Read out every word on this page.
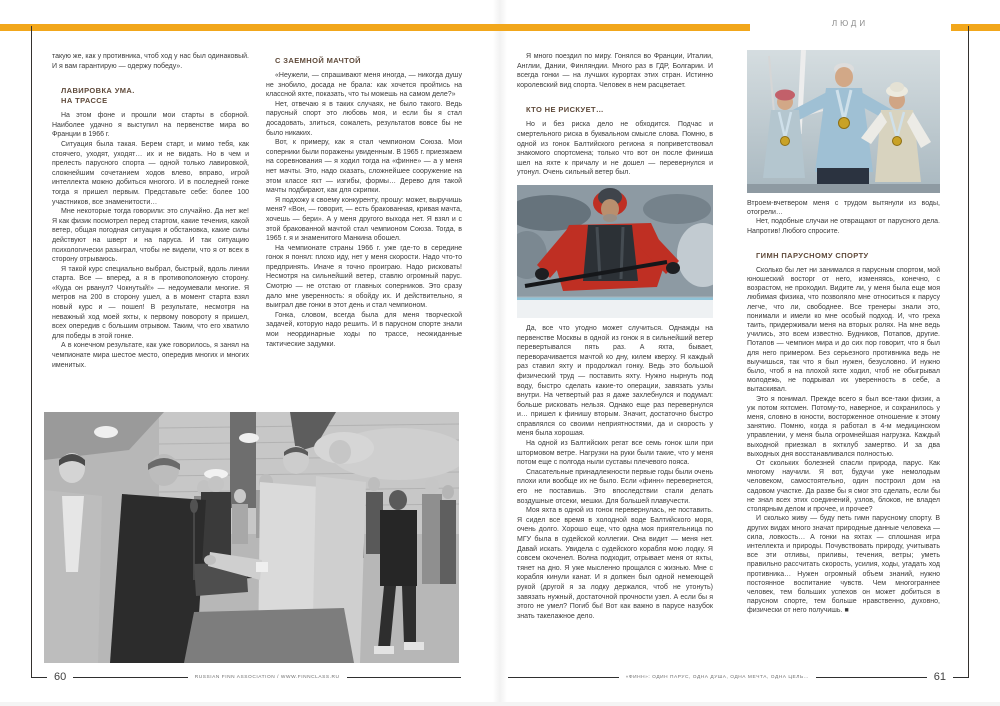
ЛЮДИ

такую же, как у противника, чтоб ход у нас был одинаковый. И я вам гарантирую — одержу победу».

ЛАВИРОВКА УМА.
НА ТРАССЕ

На этом фоне и прошли мои старты в сборной. Наиболее удачно я выступил на первенстве мира во Франции в 1966 г.

Ситуация была такая. Берем старт, и мимо тебя, как стоячего, уходят, уходят… их и не видать. Но в чем и прелесть парусного спорта — одной только лавировкой, сложнейшим сочетанием ходов влево, вправо, игрой интеллекта можно добиться многого. И в последней гонке тогда я пришел первым. Представьте себе: более 100 участников, все знаменитости…

Мне некоторые тогда говорили: это случайно. Да нет же! Я как физик посмотрел перед стартом, какие течения, какой ветер, общая погодная ситуация и обстановка, какие силы действуют на шверт и на паруса. И так ситуацию психологически разыграл, чтобы не видели, что я от всех в сторону отрываюсь.

Я такой курс специально выбрал, быстрый, вдоль линии старта. Все — вперед, а я в противоположную сторону. «Куда он рванул? Чокнутый!» — недоумевали многие. Я метров на 200 в сторону ушел, а в момент старта взял новый курс и — пошел! В результате, несмотря на неважный ход моей яхты, к первому повороту я пришел, всех опередив с большим отрывом. Таким, что его хватило для победы в этой гонке.

А в конечном результате, как уже говорилось, я занял на чемпионате мира шестое место, опередив многих и многих именитых.

С ЗАЕМНОЙ МАЧТОЙ

«Неужели, — спрашивают меня иногда, — никогда душу не знобило, досада не брала: как хочется пройтись на классной яхте, показать, что ты можешь на самом деле?»

Нет, отвечаю я в таких случаях, не было такого. Ведь парусный спорт это любовь моя, и если бы я стал досадовать, злиться, сожалеть, результатов вовсе бы не было никаких.

Вот, к примеру, как я стал чемпионом Союза. Мои соперники были поражены увиденным. В 1965 г. приезжаем на соревнования — я ходил тогда на «финне» — а у меня нет мачты. Это, надо сказать, сложнейшее сооружение на этом классе яхт — изгибы, формы… Дерево для такой мачты подбирают, как для скрипки.

Я подхожу к своему конкуренту, прошу: может, выручишь меня? «Вон, — говорит, — есть бракованная, кривая мачта, хочешь — бери». А у меня другого выхода нет. Я взял и с этой бракованной мачтой стал чемпионом Союза. Тогда, в 1965 г. я и знаменитого Манкина обошел.

На чемпионате страны 1966 г. уже где-то в середине гонок я понял: плохо иду, нет у меня скорости. Надо что-то предпринять. Иначе я точно проиграю. Надо рисковать! Несмотря на сильнейший ветер, ставлю огромный парус. Смотрю — не отстаю от главных соперников. Это сразу дало мне уверенность: я обойду их. И действительно, я выиграл две гонки в этот день и стал чемпионом.

Гонка, словом, всегда была для меня творческой задачей, которую надо решить. И в парусном спорте знали мои неординарные ходы по трассе, неожиданные тактические задумки.

Я много поездил по миру. Гонялся во Франции, Италии, Англии, Дании, Финляндии. Много раз в ГДР, Болгарии. И всегда гонки — на лучших курортах этих стран. Истинно королевский вид спорта. Человек в нем расцветает.

КТО НЕ РИСКУЕТ…

Но и без риска дело не обходится. Подчас и смертельного риска в буквальном смысле слова. Помню, в одной из гонок Балтийского региона я поприветствовал знакомого спортсмена; только что вот он после финиша шел на яхте к причалу и не дошел — перевернулся и утонул. Очень сильный ветер был.

Да, все что угодно может случиться. Однажды на первенстве Москвы в одной из гонок я в сильнейший ветер перевертывался пять раз. А яхта, бывает, переворачивается мачтой ко дну, килем кверху. Я каждый раз ставил яхту и продолжал гонку. Ведь это большой физический труд — поставить яхту. Нужно нырнуть под воду, быстро сделать какие-то операции, завязать узлы внутри. На четвертый раз я даже захлебнулся и подумал: больше рисковать нельзя. Однако еще раз перевернулся и… пришел к финишу вторым. Значит, достаточно быстро справлялся со своими неприятностями, да и скорость у меня была хорошая.

На одной из Балтийских регат все семь гонок шли при штормовом ветре. Нагрузки на руки были такие, что у меня потом еще с полгода ныли суставы плечевого пояса.

Спасательные принадлежности первые годы были очень плохи или вообще их не было. Если «финн» перевернется, его не поставишь. Это впоследствии стали делать воздушные отсеки, мешки. Для большей плавучести.

Моя яхта в одной из гонок перевернулась, не поставить. Я сидел все время в холодной воде Балтийского моря, очень долго. Хорошо еще, что одна моя приятельница по МГУ была в судейской коллегии. Она видит — меня нет. Давай искать. Увидела с судейского корабля мою лодку. Я совсем окоченел. Волна подходит, отрывает меня от яхты, тянет на дно. Я уже мысленно прощался с жизнью. Мне с корабля кинули канат. И я должен был одной немеющей рукой (другой я за лодку держался, чтоб не утонуть) завязать нужный, достаточной прочности узел. А если бы я этого не умел? Погиб бы! Вот как важно в парусе назубок знать такелажное дело.

Втроем-вчетвером меня с трудом вытянули из воды, отогрели…

Нет, подобные случаи не отвращают от парусного дела. Напротив! Любого спросите.

ГИМН ПАРУСНОМУ СПОРТУ

Сколько бы лет ни занимался я парусным спортом, мой юношеский восторг от него, изменяясь, конечно, с возрастом, не проходил. Видите ли, у меня была еще моя любимая физика, что позволяло мне относиться к парусу легче, что ли, свободнее. Все тренеры знали это, понимали и имели ко мне особый подход. И, что греха таить, придерживали меня на вторых ролях. На мне ведь учились, это всем известно. Будников, Потапов, другие. Потапов — чемпион мира и до сих пор говорит, что я был для него примером. Без серьезного противника ведь не выучишься, так что я был нужен, безусловно. И нужно было, чтоб я на плохой яхте ходил, чтоб не обыгрывал молодежь, не подрывал их уверенность в себе, а вытаскивал.

Это я понимал. Прежде всего я был все-таки физик, а уж потом яхтсмен. Потому-то, наверное, и сохранилось у меня, словно в юности, восторженное отношение к этому занятию. Помню, когда я работал в 4-м медицинском управлении, у меня была огромнейшая нагрузка. Каждый выходной приезжал в яхтклуб замертво. И за два выходных дня восстанавливался полностью.

От скольких болезней спасли природа, парус. Как многому научили. Я вот, будучи уже немолодым человеком, самостоятельно, один построил дом на садовом участке. Да разве бы я смог это сделать, если бы не знал всех этих соединений, узлов, блоков, не владел столярным делом и прочее, и прочее?

И сколько живу — буду петь гимн парусному спорту. В других видах много значат природные данные человека — сила, ловкость… А гонки на яхтах — сплошная игра интеллекта и природы. Почувствовать природу, учитывать все эти отливы, приливы, течения, ветры; уметь правильно рассчитать скорость, усилия, ходы, угадать ход противника… Нужен огромный объем знаний, нужно постоянное воспитание чувств. Чем многограннее человек, тем больших успехов он может добиться в парусном спорте, тем больше нравственно, духовно, физически от него получишь. ■

60	RUSSIAN FINN ASSOCIATION / WWW.FINNCLASS.RU	«ФИНН»: ОДИН ПАРУС, ОДНА ДУША, ОДНА МЕЧТА, ОДНА ЦЕЛЬ…	61
